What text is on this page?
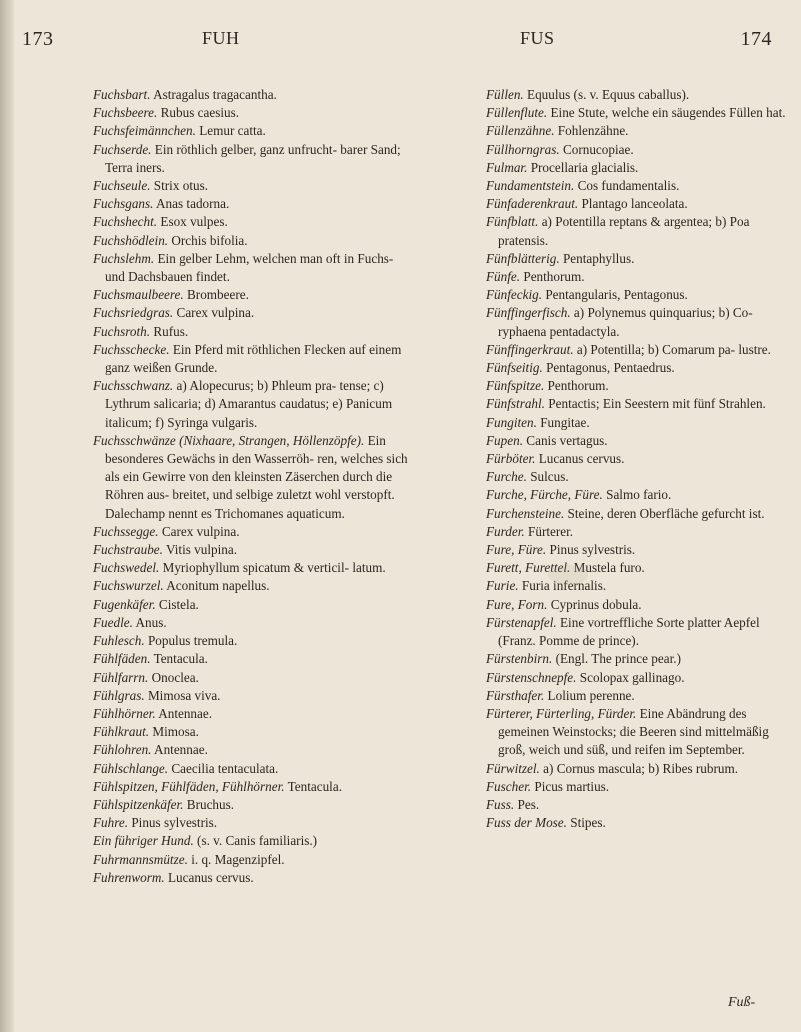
173	FUH	FUS	174

Fuchsbart. Astragalus tragacantha.

Fuchsbeere. Rubus caesius.

Fuchsfeimännchen. Lemur catta.

Fuchserde. Ein röthlich gelber, ganz unfrucht- barer Sand; Terra iners.

Fuchseule. Strix otus.

Fuchsgans. Anas tadorna.

Fuchshecht. Esox vulpes.

Fuchshödlein. Orchis bifolia.

Fuchslehm. Ein gelber Lehm, welchen man oft in Fuchs- und Dachsbauen findet.

Fuchsmaulbeere. Brombeere.

Fuchsriedgras. Carex vulpina.

Fuchsroth. Rufus.

Fuchsschecke. Ein Pferd mit röthlichen Flecken auf einem ganz weißen Grunde.

Fuchsschwanz. a) Alopecurus; b) Phleum pra- tense; c) Lythrum salicaria; d) Amarantus caudatus; e) Panicum italicum; f) Syringa vulgaris.

Fuchsschwänze (Nixhaare, Strangen, Höllenzöpfe). Ein besonderes Gewächs in den Wasserröh- ren, welches sich als ein Gewirre von den kleinsten Zäserchen durch die Röhren aus- breitet, und selbige zuletzt wohl verstopft. Dalechamp nennt es Trichomanes aquaticum.

Fuchssegge. Carex vulpina.

Fuchstraube. Vitis vulpina.

Fuchswedel. Myriophyllum spicatum & verticil- latum.

Fuchswurzel. Aconitum napellus.

Fugenkäfer. Cistela.

Fuedle. Anus.

Fuhlesch. Populus tremula.

Fühlfäden. Tentacula.

Fühlfarrn. Onoclea.

Fühlgras. Mimosa viva.

Fühlhörner. Antennae.

Fühlkraut. Mimosa.

Fühlohren. Antennae.

Fühlschlange. Caecilia tentaculata.

Fühlspitzen, Fühlfäden, Fühlhörner. Tentacula.

Fühlspitzenkäfer. Bruchus.

Fuhre. Pinus sylvestris.

Ein führiger Hund. (s. v. Canis familiaris.)

Fuhrmannsmütze. i. q. Magenzipfel.

Fuhrenworm. Lucanus cervus.

Füllen. Equulus (s. v. Equus caballus).

Füllenflute. Eine Stute, welche ein säugendes Füllen hat.

Füllenzähne. Fohlenzähne.

Füllhorngras. Cornucopiae.

Fulmar. Procellaria glacialis.

Fundamentstein. Cos fundamentalis.

Fünfaderenkraut. Plantago lanceolata.

Fünfblatt. a) Potentilla reptans & argentea; b) Poa pratensis.

Fünfblätterig. Pentaphyllus.

Fünfe. Penthorum.

Fünfeckig. Pentangularis, Pentagonus.

Fünffingerfisch. a) Polynemus quinquarius; b) Co- ryphaena pentadactyla.

Fünffingerkraut. a) Potentilla; b) Comarum pa- lustre.

Fünfseitig. Pentagonus, Pentaedrus.

Fünfspitze. Penthorum.

Fünfstrahl. Pentactis; Ein Seestern mit fünf Strahlen.

Fungiten. Fungitae.

Fupen. Canis vertagus.

Fürböter. Lucanus cervus.

Furche. Sulcus.

Furche, Fürche, Füre. Salmo fario.

Furchensteine. Steine, deren Oberfläche gefurcht ist.

Furder. Fürterer.

Fure, Füre. Pinus sylvestris.

Furett, Furettel. Mustela furo.

Furie. Furia infernalis.

Fure, Forn. Cyprinus dobula.

Fürstenapfel. Eine vortreffliche Sorte platter Aepfel (Franz. Pomme de prince).

Fürstenbirn. (Engl. The prince pear.)

Fürstenschnepfe. Scolopax gallinago.

Fürsthafer. Lolium perenne.

Fürterer, Fürterling, Fürder. Eine Abändrung des gemeinen Weinstocks; die Beeren sind mittelmäßig groß, weich und süß, und reifen im September.

Fürwitzel. a) Cornus mascula; b) Ribes rubrum.

Fuscher. Picus martius.

Fuss. Pes.

Fuss der Mose. Stipes.

Fuß-
